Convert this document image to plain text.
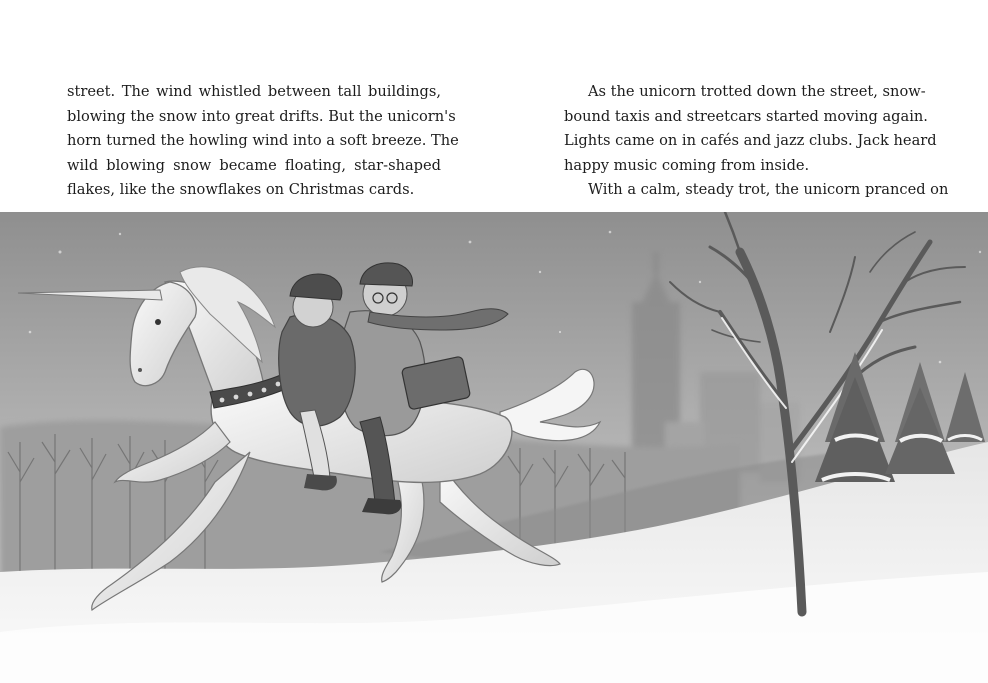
street. The wind whistled between tall buildings,
blowing the snow into great drifts. But the unicorn's
horn turned the howling wind into a soft breeze. The
wild blowing snow became floating, star-shaped
flakes, like the snowflakes on Christmas cards.
As the unicorn trotted down the street, snow-
bound taxis and streetcars started moving again.
Lights came on in cafés and jazz clubs. Jack heard
happy music coming from inside.
With a calm, steady trot, the unicorn pranced on
